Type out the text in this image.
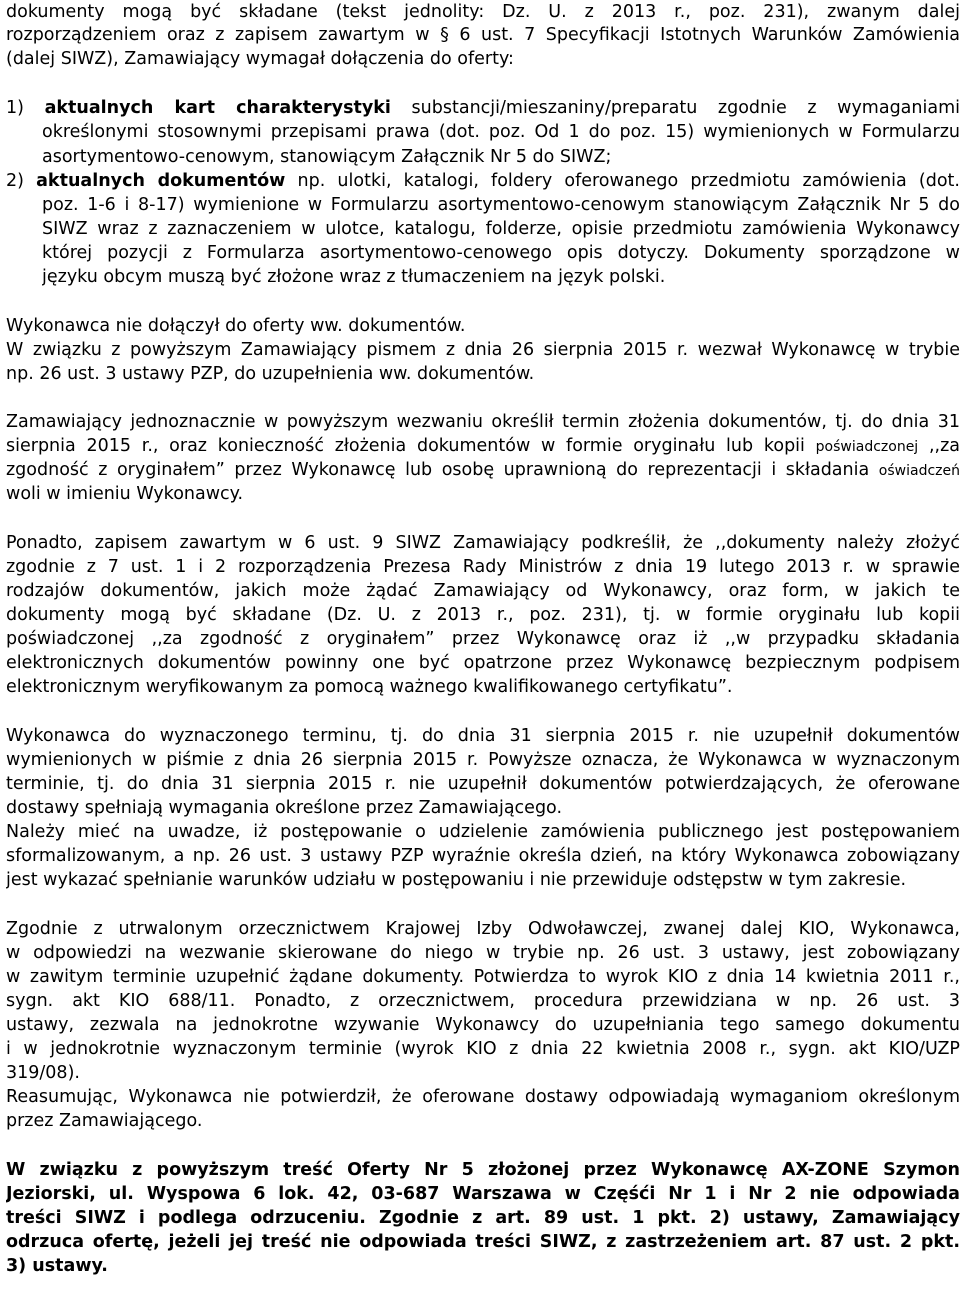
dokumenty mogą być składane (tekst jednolity: Dz. U. z 2013 r., poz. 231), zwanym dalej
rozporządzeniem oraz z zapisem zawartym w § 6 ust. 7 Specyfikacji Istotnych Warunków Zamówienia
(dalej SIWZ), Zamawiający wymagał dołączenia do oferty:
1) aktualnych kart charakterystyki substancji/mieszaniny/preparatu zgodnie z wymaganiami
określonymi stosownymi przepisami prawa (dot. poz. Od 1 do poz. 15) wymienionych w Formularzu
asortymentowo-cenowym, stanowiącym Załącznik Nr 5 do SIWZ;
2) aktualnych dokumentów np. ulotki, katalogi, foldery oferowanego przedmiotu zamówienia (dot.
poz. 1-6 i 8-17) wymienione w Formularzu asortymentowo-cenowym stanowiącym Załącznik Nr 5 do
SIWZ wraz z zaznaczeniem w ulotce, katalogu, folderze, opisie przedmiotu zamówienia Wykonawcy
której pozycji z Formularza asortymentowo-cenowego opis dotyczy. Dokumenty sporządzone w
języku obcym muszą być złożone wraz z tłumaczeniem na język polski.
Wykonawca nie dołączył do oferty ww. dokumentów.
W związku z powyższym Zamawiający pismem z dnia 26 sierpnia 2015 r. wezwał Wykonawcę w trybie
np. 26 ust. 3 ustawy PZP, do uzupełnienia ww. dokumentów.
Zamawiający jednoznacznie w powyższym wezwaniu określił termin złożenia dokumentów, tj. do dnia 31
sierpnia 2015 r., oraz konieczność złożenia dokumentów w formie oryginału lub kopii poświadczonej ,,za
zgodność z oryginałem” przez Wykonawcę lub osobę uprawnioną do reprezentacji i składania oświadczeń
woli w imieniu Wykonawcy.
Ponadto, zapisem zawartym w 6 ust. 9 SIWZ Zamawiający podkreślił, że ,,dokumenty należy złożyć
zgodnie z 7 ust. 1 i 2 rozporządzenia Prezesa Rady Ministrów z dnia 19 lutego 2013 r. w sprawie
rodzajów dokumentów, jakich może żądać Zamawiający od Wykonawcy, oraz form, w jakich te
dokumenty mogą być składane (Dz. U. z 2013 r., poz. 231), tj. w formie oryginału lub kopii
poświadczonej ,,za zgodność z oryginałem” przez Wykonawcę oraz iż ,,w przypadku składania
elektronicznych dokumentów powinny one być opatrzone przez Wykonawcę bezpiecznym podpisem
elektronicznym weryfikowanym za pomocą ważnego kwalifikowanego certyfikatu”.
Wykonawca do wyznaczonego terminu, tj. do dnia 31 sierpnia 2015 r. nie uzupełnił dokumentów
wymienionych w piśmie z dnia 26 sierpnia 2015 r. Powyższe oznacza, że Wykonawca w wyznaczonym
terminie, tj. do dnia 31 sierpnia 2015 r. nie uzupełnił dokumentów potwierdzających, że oferowane
dostawy spełniają wymagania określone przez Zamawiającego.
Należy mieć na uwadze, iż postępowanie o udzielenie zamówienia publicznego jest postępowaniem
sformalizowanym, a np. 26 ust. 3 ustawy PZP wyraźnie określa dzień, na który Wykonawca zobowiązany
jest wykazać spełnianie warunków udziału w postępowaniu i nie przewiduje odstępstw w tym zakresie.
Zgodnie z utrwalonym orzecznictwem Krajowej Izby Odwoławczej, zwanej dalej KIO, Wykonawca,
w odpowiedzi na wezwanie skierowane do niego w trybie np. 26 ust. 3 ustawy, jest zobowiązany
w zawitym terminie uzupełnić żądane dokumenty. Potwierdza to wyrok KIO z dnia 14 kwietnia 2011 r.,
sygn. akt KIO 688/11. Ponadto, z orzecznictwem, procedura przewidziana w np. 26 ust. 3
ustawy, zezwala na jednokrotne wzywanie Wykonawcy do uzupełniania tego samego dokumentu
i w jednokrotnie wyznaczonym terminie (wyrok KIO z dnia 22 kwietnia 2008 r., sygn. akt KIO/UZP
319/08).
Reasumując, Wykonawca nie potwierdził, że oferowane dostawy odpowiadają wymaganiom określonym
przez Zamawiającego.
W związku z powyższym treść Oferty Nr 5 złożonej przez Wykonawcę AX-ZONE Szymon
Jeziorski, ul. Wyspowa 6 lok. 42, 03-687 Warszawa w Częśći Nr 1 i Nr 2 nie odpowiada
treści SIWZ i podlega odrzuceniu. Zgodnie z art. 89 ust. 1 pkt. 2) ustawy, Zamawiający
odrzuca ofertę, jeżeli jej treść nie odpowiada treści SIWZ, z zastrzeżeniem art. 87 ust. 2 pkt.
3) ustawy.
